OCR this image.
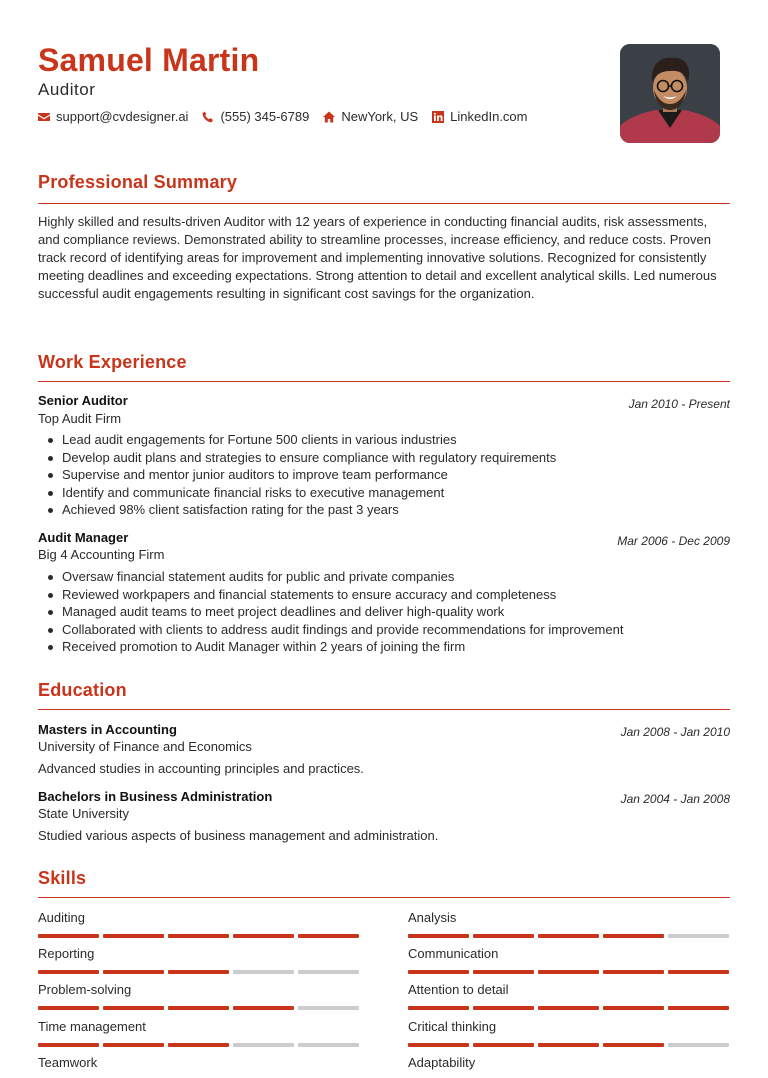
Samuel Martin
Auditor
support@cvdesigner.ai (555) 345-6789 NewYork, US LinkedIn.com
Professional Summary
Highly skilled and results-driven Auditor with 12 years of experience in conducting financial audits, risk assessments, and compliance reviews. Demonstrated ability to streamline processes, increase efficiency, and reduce costs. Proven track record of identifying areas for improvement and implementing innovative solutions. Recognized for consistently meeting deadlines and exceeding expectations. Strong attention to detail and excellent analytical skills. Led numerous successful audit engagements resulting in significant cost savings for the organization.
Work Experience
Senior Auditor	Jan 2010 - Present
Top Audit Firm
Lead audit engagements for Fortune 500 clients in various industries
Develop audit plans and strategies to ensure compliance with regulatory requirements
Supervise and mentor junior auditors to improve team performance
Identify and communicate financial risks to executive management
Achieved 98% client satisfaction rating for the past 3 years
Audit Manager	Mar 2006 - Dec 2009
Big 4 Accounting Firm
Oversaw financial statement audits for public and private companies
Reviewed workpapers and financial statements to ensure accuracy and completeness
Managed audit teams to meet project deadlines and deliver high-quality work
Collaborated with clients to address audit findings and provide recommendations for improvement
Received promotion to Audit Manager within 2 years of joining the firm
Education
Masters in Accounting	Jan 2008 - Jan 2010
University of Finance and Economics
Advanced studies in accounting principles and practices.
Bachelors in Business Administration	Jan 2004 - Jan 2008
State University
Studied various aspects of business management and administration.
Skills
Auditing	Analysis
Reporting	Communication
Problem-solving	Attention to detail
Time management	Critical thinking
Teamwork	Adaptability
